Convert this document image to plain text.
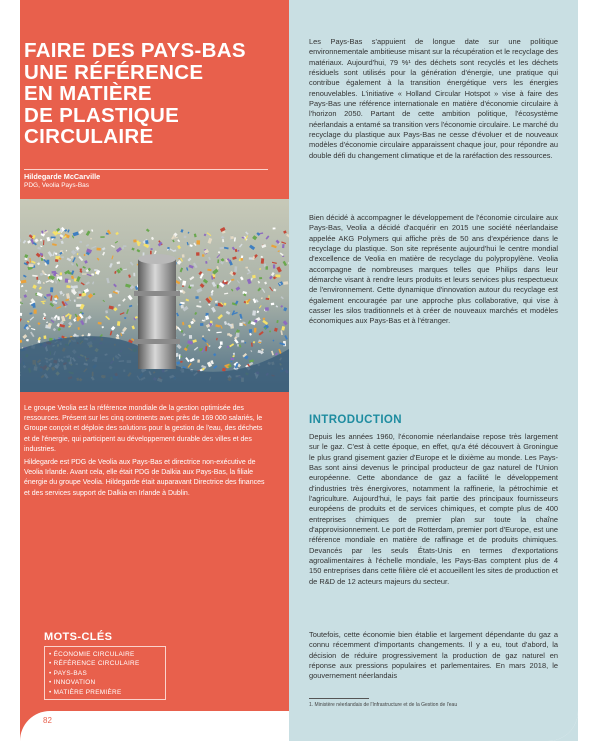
FAIRE DES PAYS-BAS
UNE RÉFÉRENCE
EN MATIÈRE
DE PLASTIQUE
CIRCULAIRE
Hildegarde McCarville
PDG, Veolia Pays-Bas

Le groupe Veolia est la référence mondiale de la gestion optimisée des ressources. Présent sur les cinq continents avec près de 169 000 salariés, le Groupe conçoit et déploie des solutions pour la gestion de l'eau, des déchets et de l'énergie, qui participent au développement durable des villes et des industries.

Hildegarde est PDG de Veolia aux Pays-Bas et directrice non-exécutive de Veolia Irlande. Avant cela, elle était PDG de Dalkia aux Pays-Bas, la filiale énergie du groupe Veolia. Hildegarde était auparavant Directrice des finances et des services support de Dalkia en Irlande à Dublin.

MOTS-CLÉS
• ÉCONOMIE CIRCULAIRE
• RÉFÉRENCE CIRCULAIRE
• PAYS-BAS
• INNOVATION
• MATIÈRE PREMIÈRE
82

Les Pays-Bas s'appuient de longue date sur une politique environnementale ambitieuse misant sur la récupération et le recyclage des matériaux. Aujourd'hui, 79 %¹ des déchets sont recyclés et les déchets résiduels sont utilisés pour la génération d'énergie, une pratique qui contribue également à la transition énergétique vers les énergies renouvelables. L'initiative « Holland Circular Hotspot » vise à faire des Pays-Bas une référence internationale en matière d'économie circulaire à l'horizon 2050. Partant de cette ambition politique, l'écosystème néerlandais a entamé sa transition vers l'économie circulaire. Le marché du recyclage du plastique aux Pays-Bas ne cesse d'évoluer et de nouveaux modèles d'économie circulaire apparaissent chaque jour, pour répondre au double défi du changement climatique et de la raréfaction des ressources.

Bien décidé à accompagner le développement de l'économie circulaire aux Pays-Bas, Veolia a décidé d'acquérir en 2015 une société néerlandaise appelée AKG Polymers qui affiche près de 50 ans d'expérience dans le recyclage du plastique. Son site représente aujourd'hui le centre mondial d'excellence de Veolia en matière de recyclage du polypropylène. Veolia accompagne de nombreuses marques telles que Philips dans leur démarche visant à rendre leurs produits et leurs services plus respectueux de l'environnement. Cette dynamique d'innovation autour du recyclage est également encouragée par une approche plus collaborative, qui vise à casser les silos traditionnels et à créer de nouveaux marchés et modèles économiques aux Pays-Bas et à l'étranger.

INTRODUCTION

Depuis les années 1960, l'économie néerlandaise repose très largement sur le gaz. C'est à cette époque, en effet, qu'a été découvert à Groningue le plus grand gisement gazier d'Europe et le dixième au monde. Les Pays-Bas sont ainsi devenus le principal producteur de gaz naturel de l'Union européenne. Cette abondance de gaz a facilité le développement d'industries très énergivores, notamment la raffinerie, la pétrochimie et l'agriculture. Aujourd'hui, le pays fait partie des principaux fournisseurs européens de produits et de services chimiques, et compte plus de 400 entreprises chimiques de premier plan sur toute la chaîne d'approvisionnement. Le port de Rotterdam, premier port d'Europe, est une référence mondiale en matière de raffinage et de produits chimiques. Devancés par les seuls États-Unis en termes d'exportations agroalimentaires à l'échelle mondiale, les Pays-Bas comptent plus de 4 150 entreprises dans cette filière clé et accueillent les sites de production et de R&D de 12 acteurs majeurs du secteur.

Toutefois, cette économie bien établie et largement dépendante du gaz a connu récemment d'importants changements. Il y a eu, tout d'abord, la décision de réduire progressivement la production de gaz naturel en réponse aux pressions populaires et parlementaires. En mars 2018, le gouvernement néerlandais

1. Ministère néerlandais de l'Infrastructure et de la Gestion de l'eau
